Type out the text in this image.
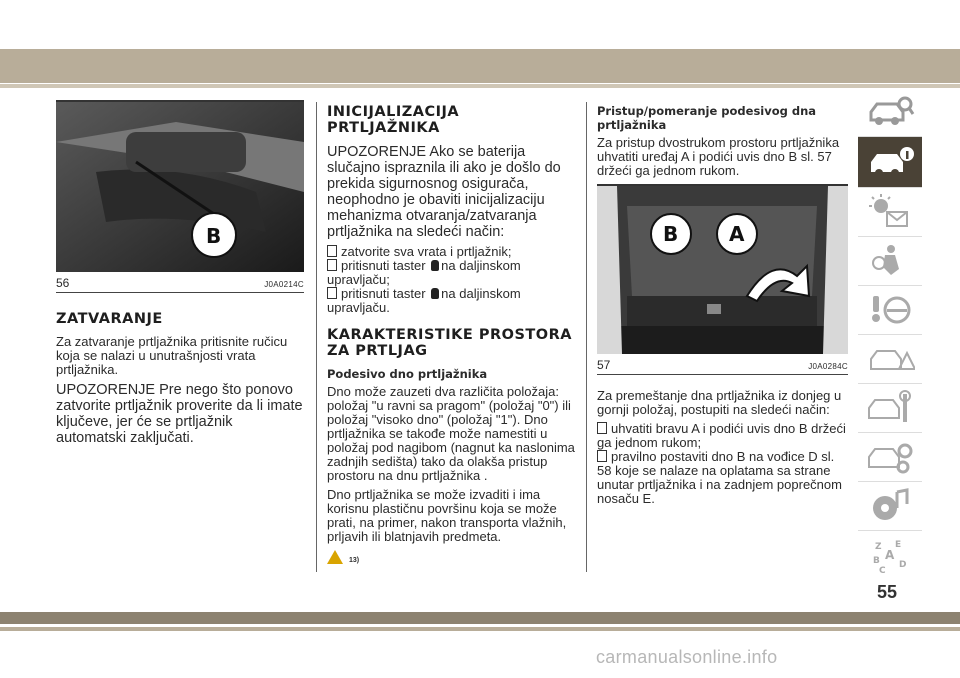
B
56	J0A0214C
ZATVARANJE

Za zatvaranje prtljažnika pritisnite ručicu koja se nalazi u unutrašnjosti vrata prtljažnika.

UPOZORENJE Pre nego što ponovo zatvorite prtljažnik proverite da li imate ključeve, jer će se prtljažnik automatski zaključati.

INICIJALIZACIJA PRTLJAŽNIKA

UPOZORENJE Ako se baterija slučajno ispraznila ili ako je došlo do prekida sigurnosnog osigurača, neophodno je obaviti inicijalizaciju mehanizma otvaranja/zatvaranja prtljažnika na sledeći način:

zatvorite sva vrata i prtljažnik;
pritisnuti taster na daljinskom upravljaču;
pritisnuti taster na daljinskom upravljaču.
KARAKTERISTIKE PROSTORA ZA PRTLJAG
Podesivo dno prtljažnika

Dno može zauzeti dva različita položaja: položaj "u ravni sa pragom" (položaj "0") ili položaj "visoko dno" (položaj "1"). Dno prtljažnika se takođe može namestiti u položaj pod nagibom (nagnut ka naslonima zadnjih sedišta) tako da olakša pristup prostoru na dnu prtljažnika .

Dno prtljažnika se može izvaditi i ima korisnu plastičnu površinu koja se može prati, na primer, nakon transporta vlažnih, prljavih ili blatnjavih predmeta.

13)
Pristup/pomeranje podesivog dna prtljažnika

Za pristup dvostrukom prostoru prtljažnika uhvatiti uređaj A i podići uvis dno B sl. 57 držeći ga jednom rukom.

B	A
57	J0A0284C

Za premeštanje dna prtljažnika iz donjeg u gornji položaj, postupiti na sledeći način:

uhvatiti bravu A i podići uvis dno B držeći ga jednom rukom;
pravilno postaviti dno B na vođice D sl. 58 koje se nalaze na oplatama sa strane unutar prtljažnika i na zadnjem poprečnom nosaču E.
Z E
A
B
C
D
55
carmanualsonline.info
